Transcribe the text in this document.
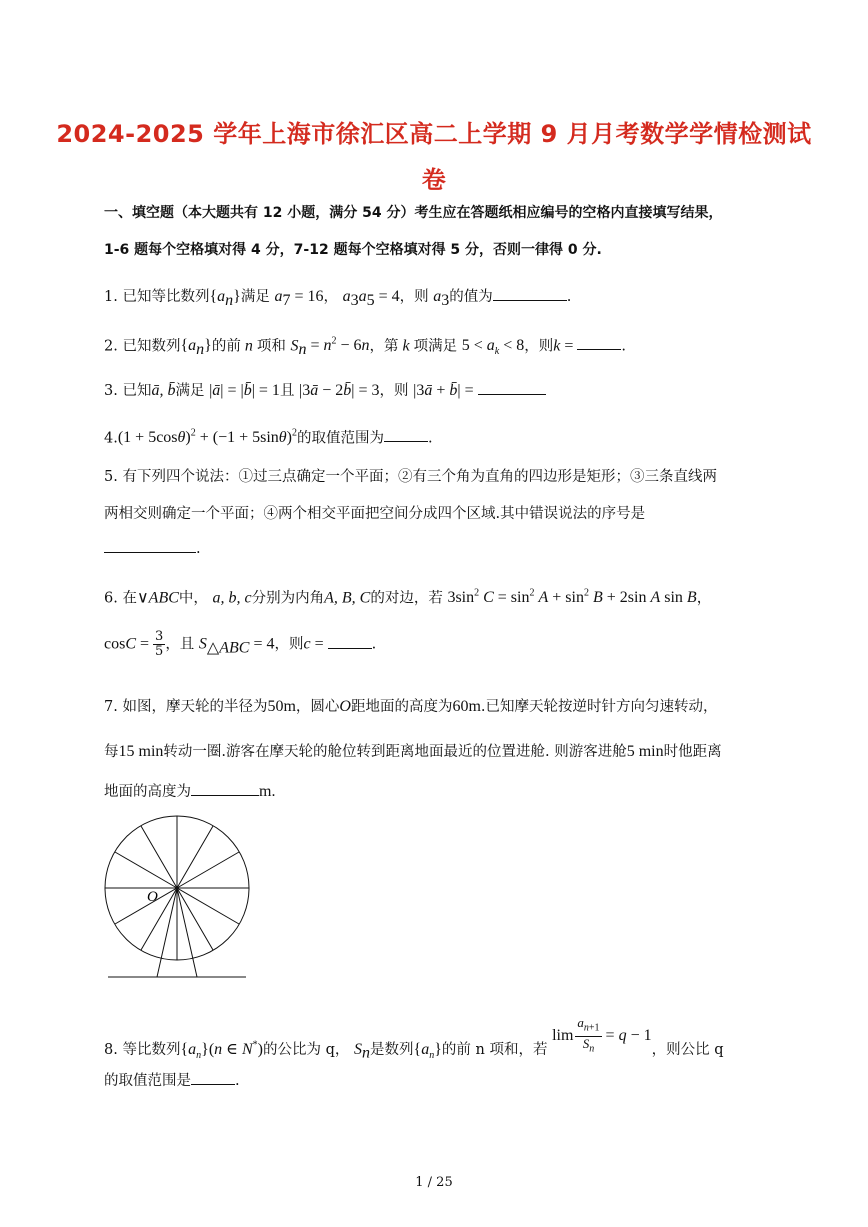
2024-2025 学年上海市徐汇区高二上学期 9 月月考数学学情检测试
卷
一、填空题（本大题共有 12 小题，满分 54 分）考生应在答题纸相应编号的空格内直接填写结果，
1-6 题每个空格填对得 4 分，7-12 题每个空格填对得 5 分，否则一律得 0 分.
1. 已知等比数列$\{a_n\}$满足 $a_7 = 16$， $a_3a_5 = 4$，则 $a_3$的值为	.
2. 已知数列$\{a_n\}$的前 n 项和 $S_n = n^2 - 6n$，第 k 项满足 $5 < a_k < 8$，则k =	.
3. 已知ā, b̄满足 |ā| = |b̄| = 1且 |3ā − 2b̄| = 3，则 |3ā + b̄| =
$4.(1 + 5\cos\theta)^2 + (-1 + 5\sin\theta)^2$的取值范围为	.
5. 有下列四个说法：①过三点确定一个平面；②有三个角为直角的四边形是矩形；③三条直线两
两相交则确定一个平面；④两个相交平面把空间分成四个区域.其中错误说法的序号是
.
6. 在∨ABC中， a, b, c分别为内角A, B, C的对边，若 $3\sin^2$ $C = \sin^2 A + \sin^2 B + 2\sin$ A sin B，
$\cos C = \frac{3}{5}$ ，且 $S_{\triangle ABC} = 4$，则c =	.
7. 如图，摩天轮的半径为50m，圆心O距地面的高度为60m.已知摩天轮按逆时针方向匀速转动，
每15 min转动一圈.游客在摩天轮的舱位转到距离地面最近的位置进舱. 则游客进舱5 min时他距离
地面的高度为	m.
O
8. 等比数列$\{a_n\}(n$ ∈ N*)的公比为 q， $S_n$是数列$\{a_n\}$的前 n 项和，若 $\lim \frac{a_{n+1}}{S_n} = q - 1$，则公比 q
的取值范围是	.
1 / 25
